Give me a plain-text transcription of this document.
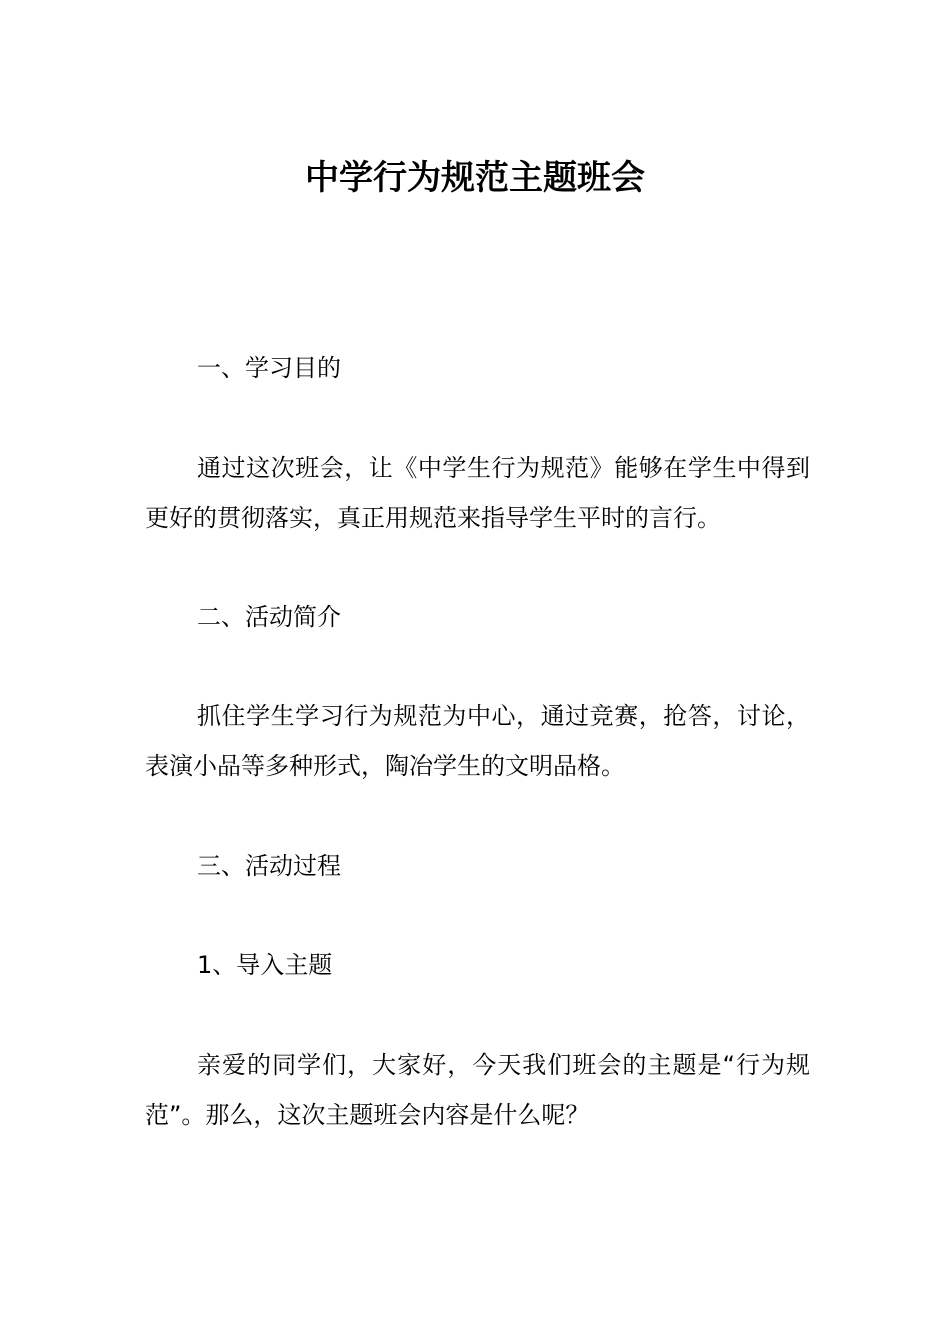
中学行为规范主题班会

一、学习目的

通过这次班会，让《中学生行为规范》能够在学生中得到更好的贯彻落实，真正用规范来指导学生平时的言行。

二、活动简介

抓住学生学习行为规范为中心，通过竞赛，抢答，讨论，表演小品等多种形式，陶冶学生的文明品格。

三、活动过程

1、导入主题

亲爱的同学们，大家好，今天我们班会的主题是“行为规范”。那么，这次主题班会内容是什么呢？
